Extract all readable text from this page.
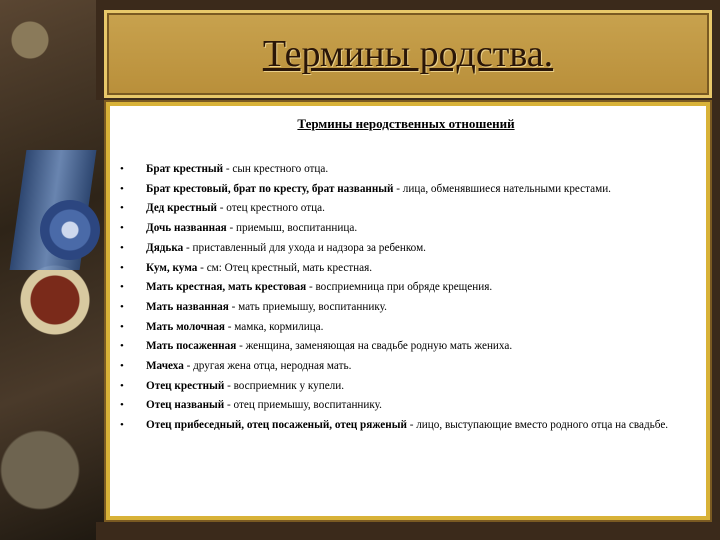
Термины родства.
Термины неродственных отношений
•
Брат крестный - сын крестного отца.
•
Брат крестовый, брат по кресту, брат названный - лица, обменявшиеся нательными крестами.
•
Дед крестный - отец крестного отца.
•
Дочь названная - приемыш, воспитанница.
•
Дядька - приставленный для ухода и надзора за ребенком.
•
Кум, кума - см: Отец крестный, мать крестная.
•
Мать крестная, мать крестовая - восприемница при обряде крещения.
•
Мать названная - мать приемышу, воспитаннику.
•
Мать молочная - мамка, кормилица.
•
Мать посаженная - женщина, заменяющая на свадьбе родную мать жениха.
•
Мачеха - другая жена отца, неродная мать.
•
Отец крестный - восприемник у купели.
•
Отец названый - отец приемышу, воспитаннику.
•
Отец прибеседный, отец посаженый, отец ряженый - лицо, выступающие вместо родного отца на свадьбе.
